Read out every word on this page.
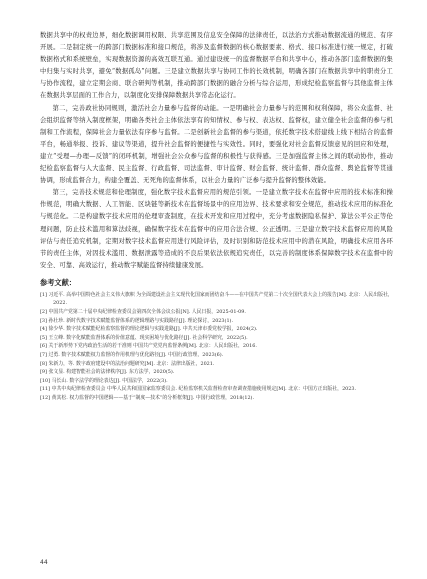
数据共享中的权责边界，细化数据调用权限、共享范围及信息安全保障的法律责任，以法治方式推动数据流通的规范、有序开展。二是制定统一的跨部门数据标准和接口规范，将涉及监督数据的核心数据要素、格式、接口标准进行统一规定，打破数据格式和系统壁垒，实现数据资源的高效互联互通。通过建设统一的监督数据平台和共享中心，推动各部门监督数据的集中归集与实时共享，避免“数据孤岛”问题。三是建立数据共享与协同工作的长效机制，明确各部门在数据共享中的职责分工与协作流程，建立定期会商、联合研判等机制，推动跨部门数据的融合分析与综合运用，形成纪检监察监督与其他监督主体在数据共享层面的工作合力，以制度化安排保障数据共享常态化运行。

第二，完善政社协同规则，激活社会力量参与监督的动能。一是明确社会力量参与的范围和权利保障，将公众监督、社会组织监督等纳入制度框架，明确各类社会主体依法享有的知情权、参与权、表达权、监督权，建立健全社会监督的参与机制和工作流程，保障社会力量依法有序参与监督。二是创新社会监督的参与渠道，依托数字技术搭建线上线下相结合的监督平台，畅通举报、投诉、建议等渠道，提升社会监督的便捷性与实效性。同时，要强化对社会监督反馈意见的回应和处理，建立“受理—办理—反馈”的闭环机制，增强社会公众参与监督的积极性与获得感。三是加强监督主体之间的联动协作，推动纪检监察监督与人大监督、民主监督、行政监督、司法监督、审计监督、财会监督、统计监督、群众监督、舆论监督等贯通协调，形成监督合力，构建全覆盖、无死角的监督体系，以社会力量的广泛参与提升监督的整体效能。

第三，完善技术规范和伦理制度，强化数字技术监督应用的规范引领。一是建立数字技术在监督中应用的技术标准和操作规范，明确大数据、人工智能、区块链等新技术在监督场景中的应用边界、技术要求和安全规范，推动技术应用的标准化与规范化。二是构建数字技术应用的伦理审查制度，在技术开发和应用过程中，充分考虑数据隐私保护、算法公平公正等伦理问题，防止技术滥用和算法歧视，确保数字技术在监督中的应用合法合规、公正透明。三是建立数字技术监督应用的风险评估与责任追究机制，定期对数字技术监督应用进行风险评估，及时识别和防范技术应用中的潜在风险，明确技术应用各环节的责任主体，对因技术滥用、数据泄露等造成的不良后果依法依规追究责任，以完善的制度体系保障数字技术在监督中的安全、可靠、高效运行，推动数字赋能监督持续健康发展。

参考文献：
[1] 习近平. 高举中国特色社会主义伟大旗帜 为全面建设社会主义现代化国家而团结奋斗——在中国共产党第二十次全国代表大会上的报告[M]. 北京：人民出版社，2022.
[2] 中国共产党第二十届中央纪律检查委员会第四次全体会议公报[N]. 人民日报，2025-01-09.
[3] 孙壮珍. 新时代数字技术赋能监督体系的逻辑理路与实践路径[J]. 理论探讨，2023(1).
[4] 徐少华. 数字技术赋能纪检监察监督的理论逻辑与实践进路[J]. 中共天津市委党校学报，2024(2).
[5] 王立峰. 数字化赋能监督体系的价值意蕴、现实困境与优化路径[J]. 社会科学研究，2022(5).
[6] 关于新形势下党内政治生活的若干准则 中国共产党党内监督条例[M]. 北京：人民出版社，2016.
[7] 过勇. 数字技术赋能权力监督的作用机理与优化路径[J]. 中国行政管理，2023(6).
[8] 朱新力，等. 数字政府建设中的法治问题研究[M]. 北京：法律出版社，2021.
[9] 张文显. 构建智能社会的法律秩序[J]. 东方法学，2020(5).
[10] 马长山. 数字法学的理论表达[J]. 中国法学，2022(3).
[11] 中共中央纪律检查委员会 中华人民共和国国家监察委员会. 纪检监察机关监督检查审查调查措施使用规定[M]. 北京：中国方正出版社，2023.
[12] 黄其松. 权力监督的中国逻辑——基于“制度—技术”的分析框架[J]. 中国行政管理，2018(12).
44
